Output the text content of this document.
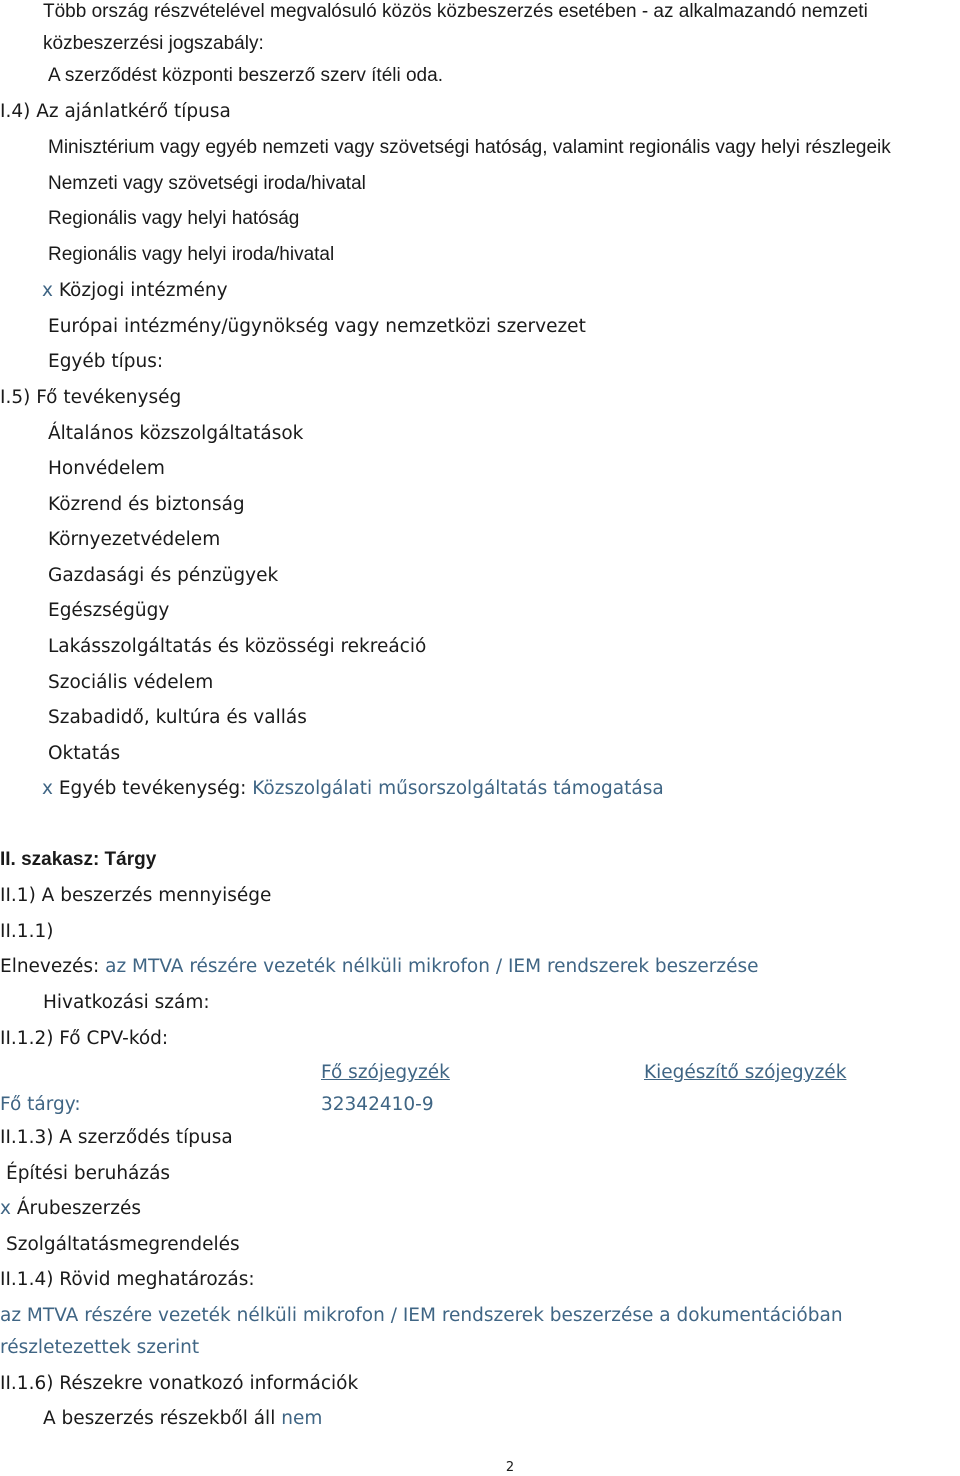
Több ország részvételével megvalósuló közös közbeszerzés esetében - az alkalmazandó nemzeti
közbeszerzési jogszabály:
A szerződést központi beszerző szerv ítéli oda.
I.4) Az ajánlatkérő típusa
Minisztérium vagy egyéb nemzeti vagy szövetségi hatóság, valamint regionális vagy helyi részlegeik
Nemzeti vagy szövetségi iroda/hivatal
Regionális vagy helyi hatóság
Regionális vagy helyi iroda/hivatal
x Közjogi intézmény
Európai intézmény/ügynökség vagy nemzetközi szervezet
Egyéb típus:
I.5) Fő tevékenység
Általános közszolgáltatások
Honvédelem
Közrend és biztonság
Környezetvédelem
Gazdasági és pénzügyek
Egészségügy
Lakásszolgáltatás és közösségi rekreáció
Szociális védelem
Szabadidő, kultúra és vallás
Oktatás
x Egyéb tevékenység: Közszolgálati műsorszolgáltatás támogatása
II. szakasz: Tárgy
II.1) A beszerzés mennyisége
II.1.1)
Elnevezés: az MTVA részére vezeték nélküli mikrofon / IEM rendszerek beszerzése
Hivatkozási szám:
II.1.2) Fő CPV-kód:
Fő szójegyzék	Kiegészítő szójegyzék
Fő tárgy:	32342410-9
II.1.3) A szerződés típusa
Építési beruházás
x Árubeszerzés
Szolgáltatásmegrendelés
II.1.4) Rövid meghatározás:
az MTVA részére vezeték nélküli mikrofon / IEM rendszerek beszerzése a dokumentációban
részletezettek szerint
II.1.6) Részekre vonatkozó információk
A beszerzés részekből áll nem
2
